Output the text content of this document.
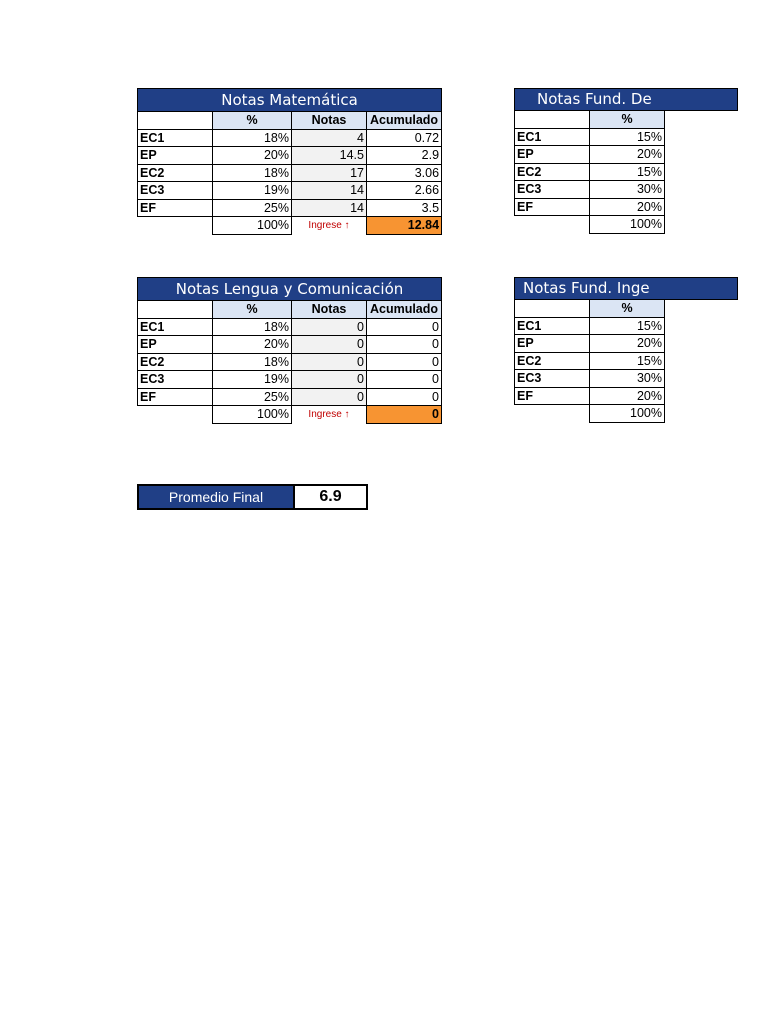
Notas Matemática			
	%	Notas	Acumulado
EC1	18%	4	0.72
EP	20%	14.5	2.9
EC2	18%	17	3.06
EC3	19%	14	2.66
EF	25%	14	3.5
	100%	Ingrese ↑	12.84
Notas Lengua y Comunicación			
	%	Notas	Acumulado
EC1	18%	0	0
EP	20%	0	0
EC2	18%	0	0
EC3	19%	0	0
EF	25%	0	0
	100%	Ingrese ↑	0
Notas Fund. De
	%
EC1	15%
EP	20%
EC2	15%
EC3	30%
EF	20%
	100%
Notas Fund. Inge
	%
EC1	15%
EP	20%
EC2	15%
EC3	30%
EF	20%
	100%
Promedio Final	6.9
